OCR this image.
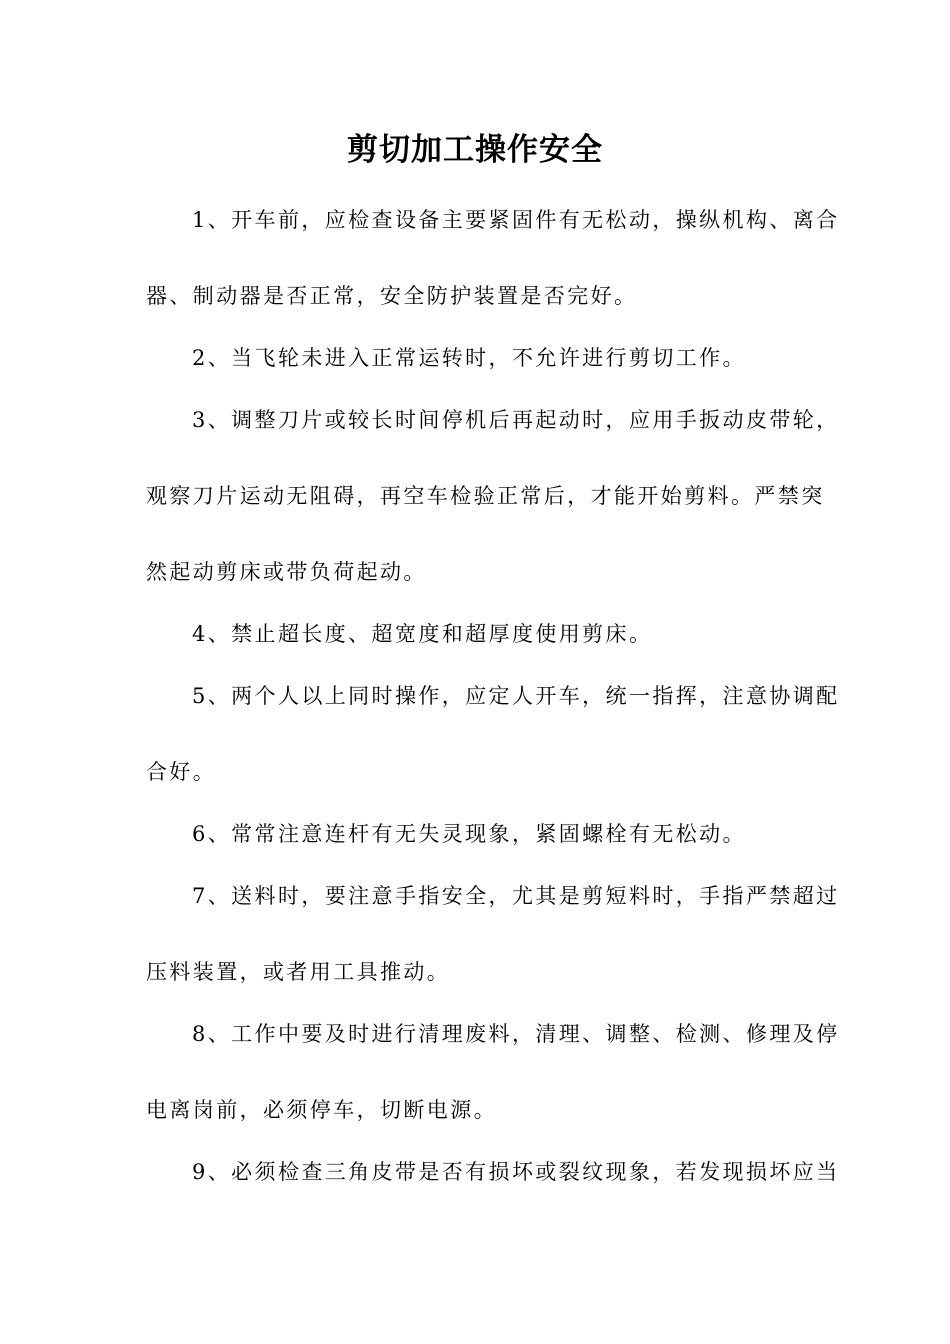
剪切加工操作安全

1、开车前，应检查设备主要紧固件有无松动，操纵机构、离合
器、制动器是否正常，安全防护装置是否完好。

2、当飞轮未进入正常运转时，不允许进行剪切工作。

3、调整刀片或较长时间停机后再起动时，应用手扳动皮带轮，
观察刀片运动无阻碍，再空车检验正常后，才能开始剪料。严禁突
然起动剪床或带负荷起动。

4、禁止超长度、超宽度和超厚度使用剪床。

5、两个人以上同时操作，应定人开车，统一指挥，注意协调配
合好。

6、常常注意连杆有无失灵现象，紧固螺栓有无松动。

7、送料时，要注意手指安全，尤其是剪短料时，手指严禁超过
压料装置，或者用工具推动。

8、工作中要及时进行清理废料，清理、调整、检测、修理及停
电离岗前，必须停车，切断电源。

9、必须检查三角皮带是否有损坏或裂纹现象，若发现损坏应当
